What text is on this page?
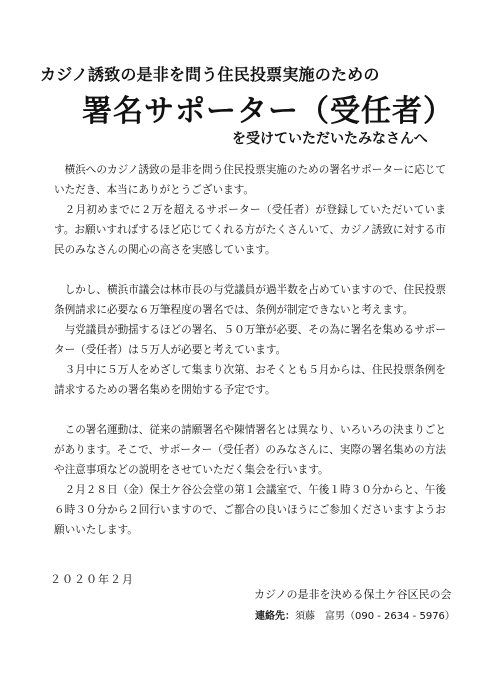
カジノ誘致の是非を問う住民投票実施のための
署名サポーター（受任者）
を受けていただいたみなさんへ

横浜へのカジノ誘致の是非を問う住民投票実施のための署名サポーターに応じていただき、本当にありがとうございます。

２月初めまでに２万を超えるサポーター（受任者）が登録していただいています。お願いすればするほど応じてくれる方がたくさんいて、カジノ誘致に対する市民のみなさんの関心の高さを実感しています。

しかし、横浜市議会は林市長の与党議員が過半数を占めていますので、住民投票条例請求に必要な６万筆程度の署名では、条例が制定できないと考えます。

与党議員が動揺するほどの署名、５０万筆が必要、その為に署名を集めるサポーター（受任者）は５万人が必要と考えています。

３月中に５万人をめざして集まり次第、おそくとも５月からは、住民投票条例を請求するための署名集めを開始する予定です。

この署名運動は、従来の請願署名や陳情署名とは異なり、いろいろの決まりごとがあります。そこで、サポーター（受任者）のみなさんに、実際の署名集めの方法や注意事項などの説明をさせていただく集会を行います。

２月２８日（金）保土ケ谷公会堂の第１会議室で、午後１時３０分からと、午後６時３０分から２回行いますので、ご都合の良いほうにご参加くださいますようお願いいたします。

２０２０年２月
カジノの是非を決める保土ケ谷区民の会
連絡先：須藤　富男（090 - 2634 - 5976）
